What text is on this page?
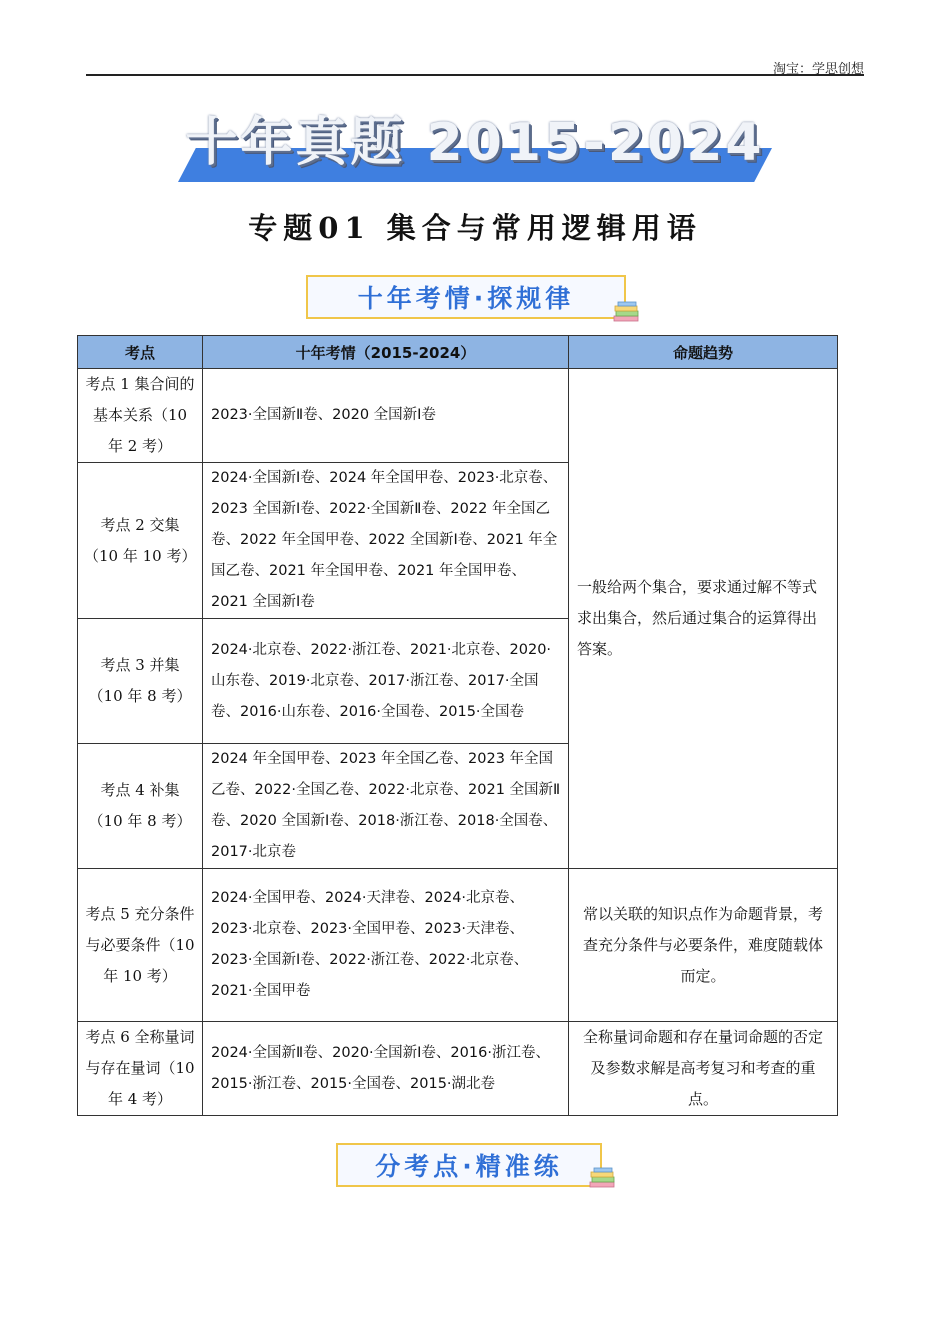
淘宝：学思创想
十年真题 2015-2024
专题01 集合与常用逻辑用语
十年考情·探规律
考点	十年考情（2015-2024）	命题趋势
考点 1 集合间的基本关系（10 年 2 考）	2023·全国新Ⅱ卷、2020 全国新Ⅰ卷	一般给两个集合，要求通过解不等式求出集合，然后通过集合的运算得出答案。
考点 2 交集（10 年 10 考）	2024·全国新Ⅰ卷、2024 年全国甲卷、2023·北京卷、2023 全国新Ⅰ卷、2022·全国新Ⅱ卷、2022 年全国乙卷、2022 年全国甲卷、2022 全国新Ⅰ卷、2021 年全国乙卷、2021 年全国甲卷、2021 年全国甲卷、2021 全国新Ⅰ卷	
考点 3 并集（10 年 8 考）	2024·北京卷、2022·浙江卷、2021·北京卷、2020·山东卷、2019·北京卷、2017·浙江卷、2017·全国卷、2016·山东卷、2016·全国卷、2015·全国卷	
考点 4 补集（10 年 8 考）	2024 年全国甲卷、2023 年全国乙卷、2023 年全国乙卷、2022·全国乙卷、2022·北京卷、2021 全国新Ⅱ卷、2020 全国新Ⅰ卷、2018·浙江卷、2018·全国卷、2017·北京卷	
考点 5 充分条件与必要条件（10 年 10 考）	2024·全国甲卷、2024·天津卷、2024·北京卷、2023·北京卷、2023·全国甲卷、2023·天津卷、2023·全国新Ⅰ卷、2022·浙江卷、2022·北京卷、2021·全国甲卷	常以关联的知识点作为命题背景，考查充分条件与必要条件，难度随载体而定。
考点 6 全称量词与存在量词（10 年 4 考）	2024·全国新Ⅱ卷、2020·全国新Ⅰ卷、2016·浙江卷、2015·浙江卷、2015·全国卷、2015·湖北卷	全称量词命题和存在量词命题的否定及参数求解是高考复习和考查的重点。
分考点·精准练
